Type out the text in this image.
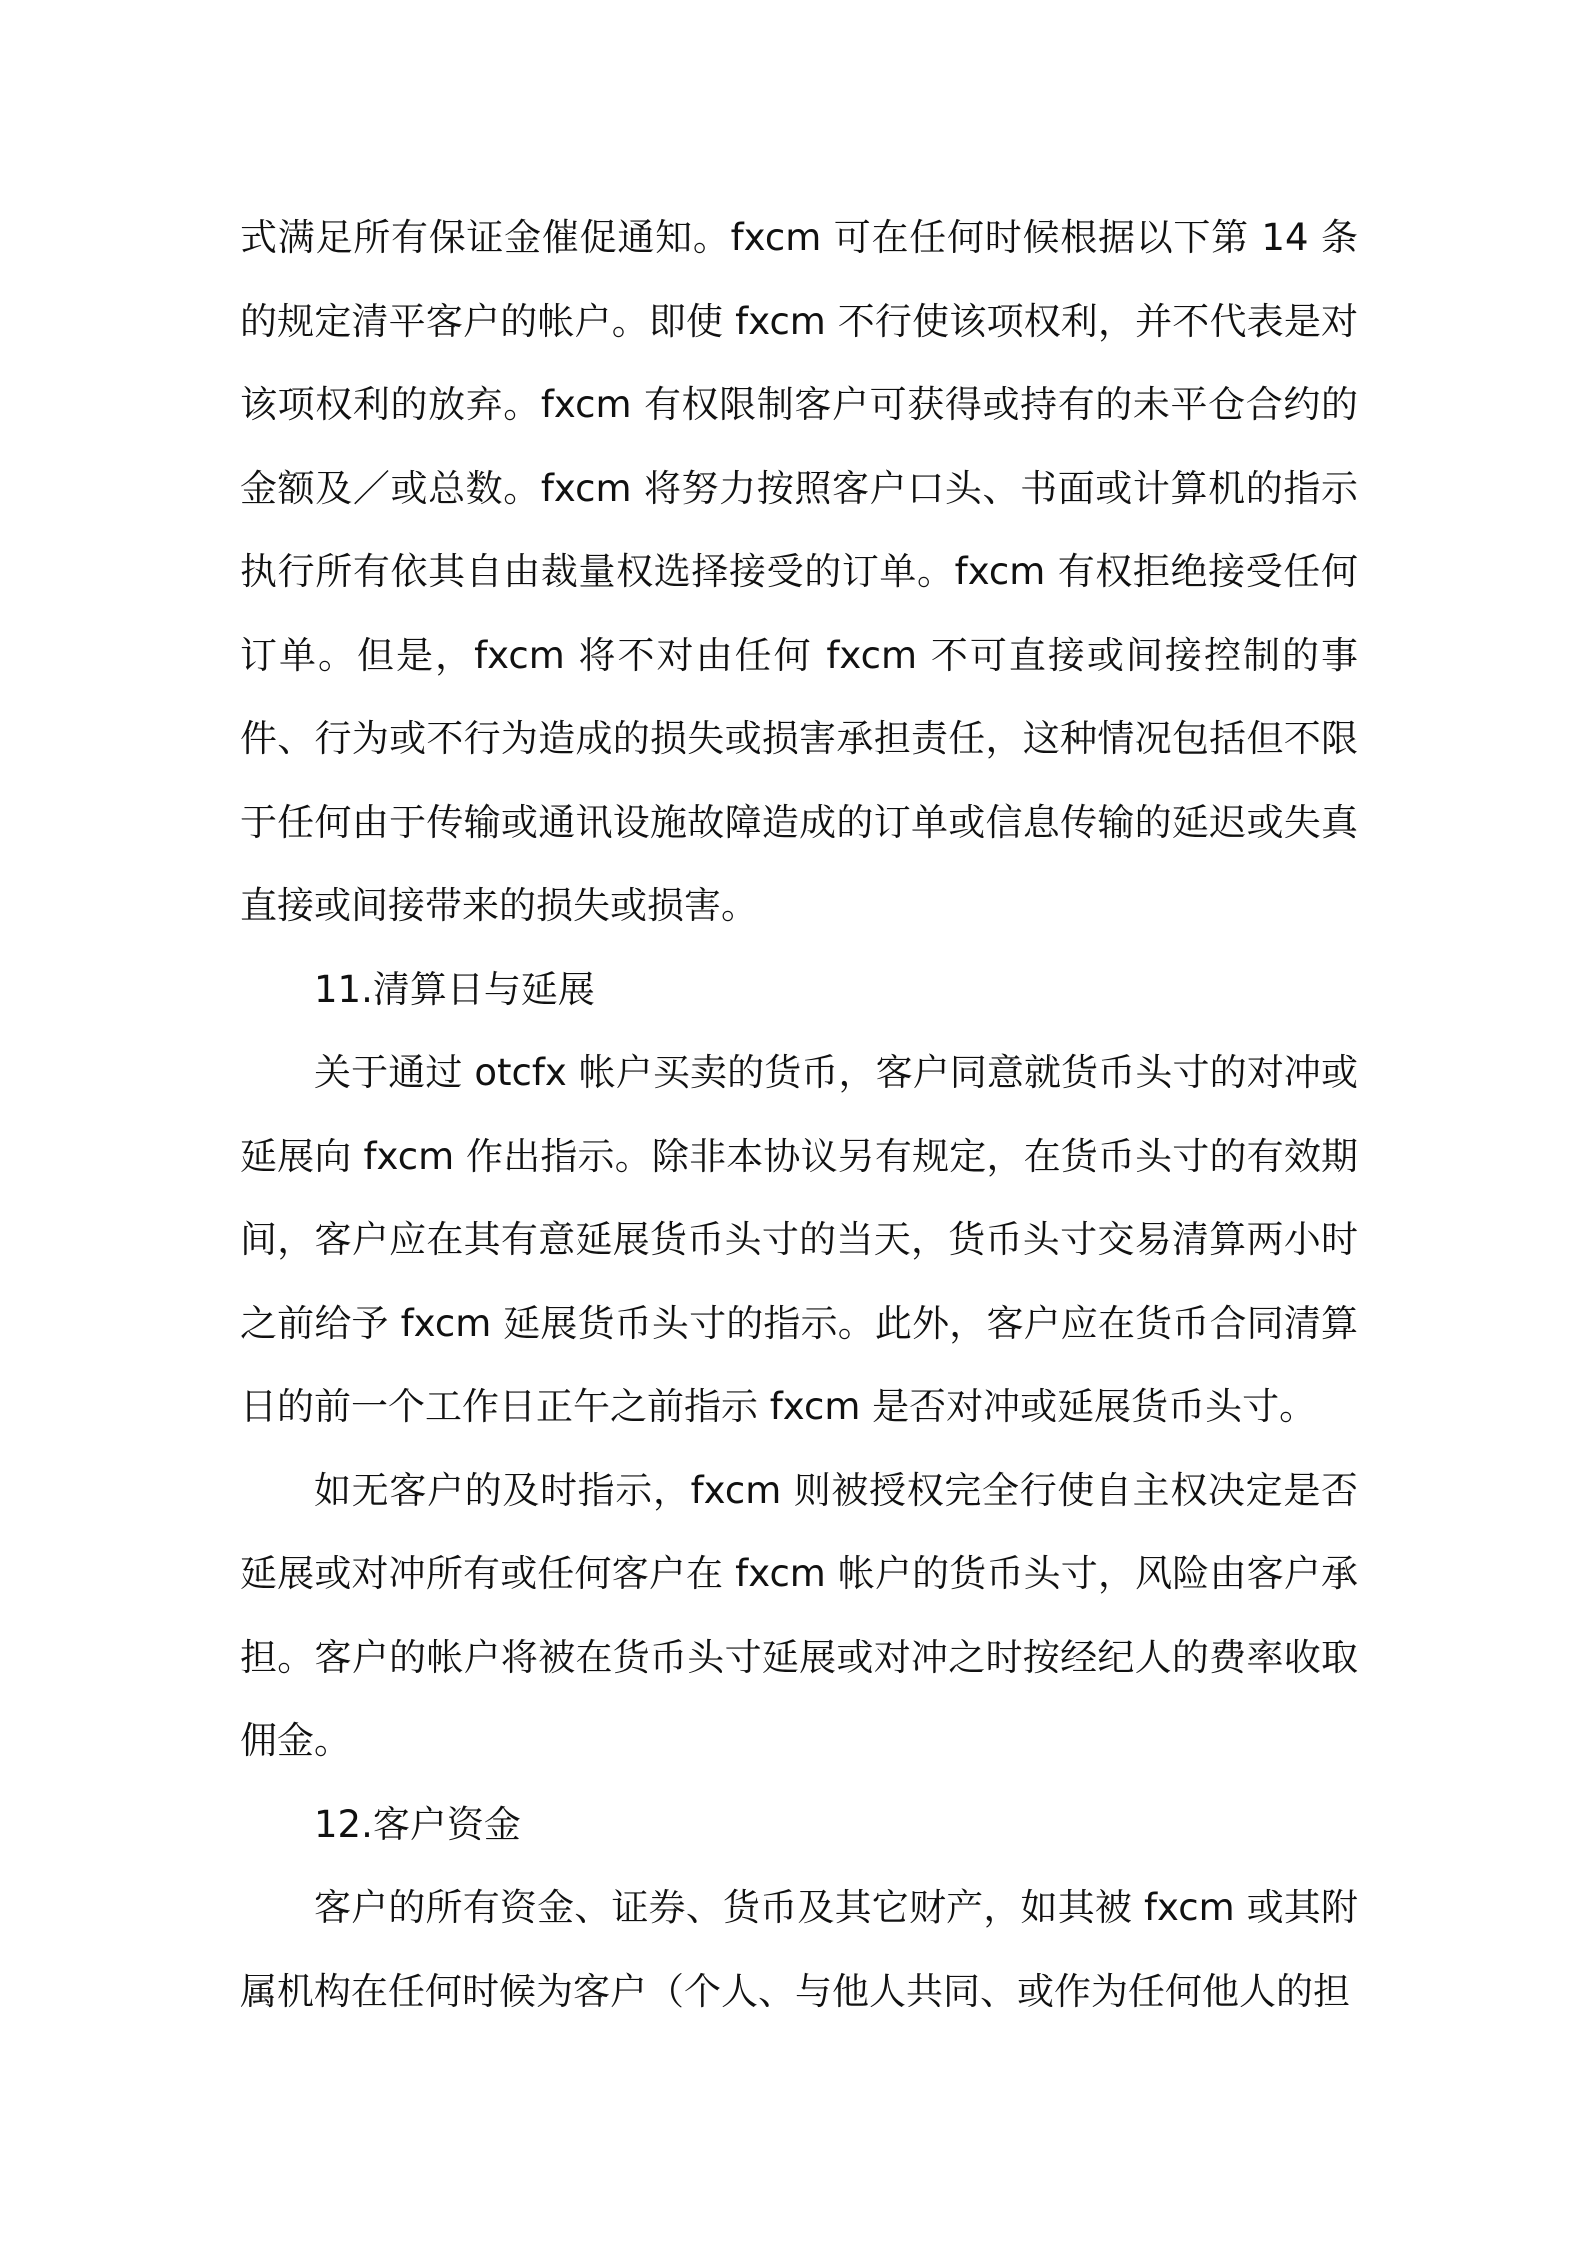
式满足所有保证金催促通知。fxcm 可在任何时候根据以下第 14 条的规定清平客户的帐户。即使 fxcm 不行使该项权利，并不代表是对该项权利的放弃。fxcm 有权限制客户可获得或持有的未平仓合约的金额及／或总数。fxcm 将努力按照客户口头、书面或计算机的指示执行所有依其自由裁量权选择接受的订单。fxcm 有权拒绝接受任何订单。但是，fxcm 将不对由任何 fxcm 不可直接或间接控制的事件、行为或不行为造成的损失或损害承担责任，这种情况包括但不限于任何由于传输或通讯设施故障造成的订单或信息传输的延迟或失真直接或间接带来的损失或损害。

11.清算日与延展

关于通过 otcfx 帐户买卖的货币，客户同意就货币头寸的对冲或延展向 fxcm 作出指示。除非本协议另有规定，在货币头寸的有效期间，客户应在其有意延展货币头寸的当天，货币头寸交易清算两小时之前给予 fxcm 延展货币头寸的指示。此外，客户应在货币合同清算日的前一个工作日正午之前指示 fxcm 是否对冲或延展货币头寸。

如无客户的及时指示，fxcm 则被授权完全行使自主权决定是否延展或对冲所有或任何客户在 fxcm 帐户的货币头寸，风险由客户承担。客户的帐户将被在货币头寸延展或对冲之时按经纪人的费率收取佣金。

12.客户资金

客户的所有资金、证券、货币及其它财产，如其被 fxcm 或其附属机构在任何时候为客户（个人、与他人共同、或作为任何他人的担
